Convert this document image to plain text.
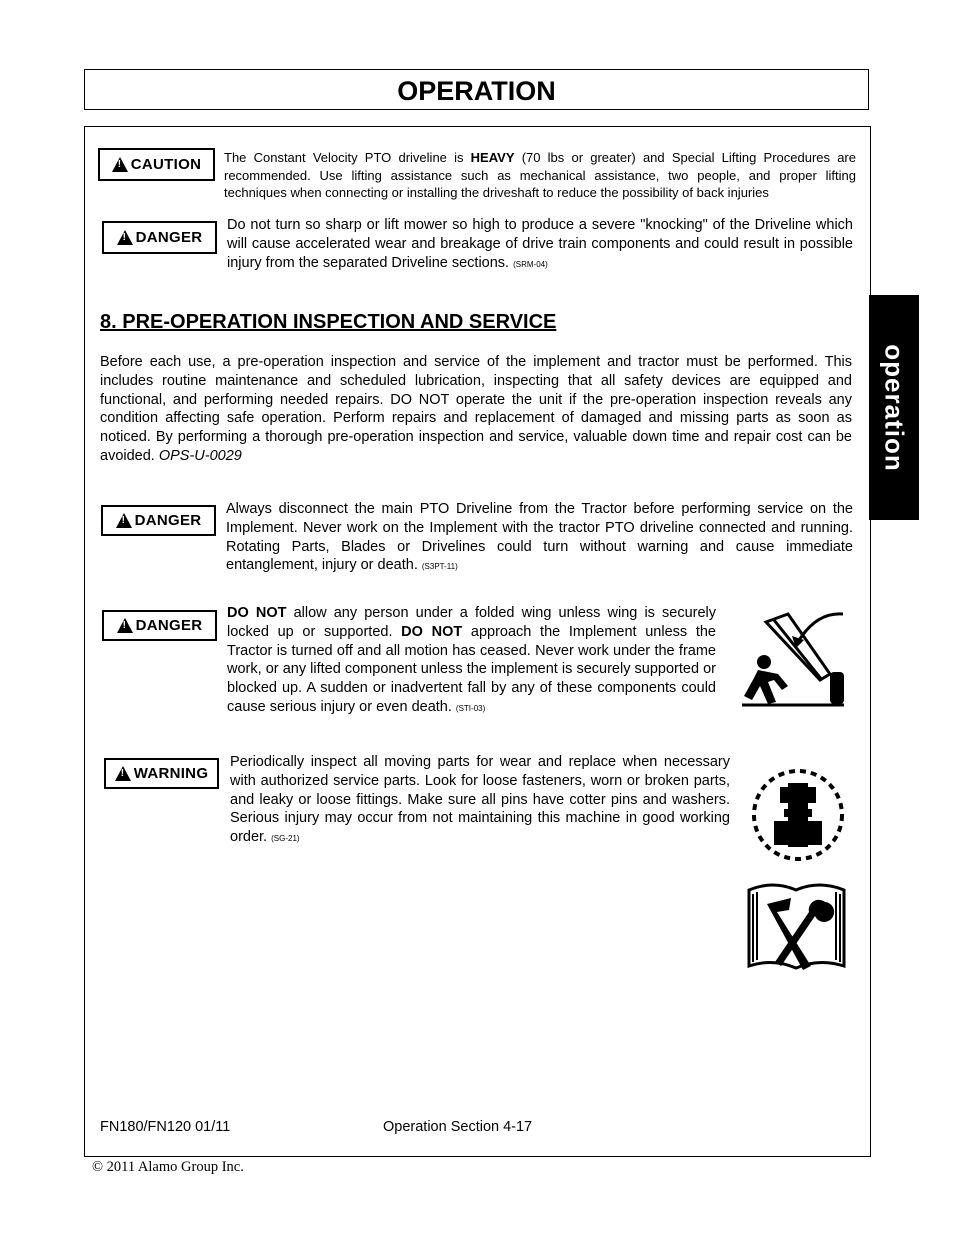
OPERATION
operation
!
CAUTION The Constant Velocity PTO driveline is HEAVY (70 lbs or greater) and Special Lifting Procedures are recommended. Use lifting assistance such as mechanical assistance, two people, and proper lifting techniques when connecting or installing the driveshaft to reduce the possibility of back injuries
!
DANGER
Do not turn so sharp or lift mower so high to produce a severe "knocking" of the Driveline which will cause accelerated wear and breakage of drive train components and could result in possible injury from the separated Driveline sections. (SRM-04)
8. PRE-OPERATION INSPECTION AND SERVICE
Before each use, a pre-operation inspection and service of the implement and tractor must be performed. This includes routine maintenance and scheduled lubrication, inspecting that all safety devices are equipped and functional, and performing needed repairs. DO NOT operate the unit if the pre-operation inspection reveals any condition affecting safe operation. Perform repairs and replacement of damaged and missing parts as soon as noticed. By performing a thorough pre-operation inspection and service, valuable down time and repair cost can be avoided. OPS-U-0029
!
DANGER
Always disconnect the main PTO Driveline from the Tractor before performing service on the Implement. Never work on the Implement with the tractor PTO driveline connected and running. Rotating Parts, Blades or Drivelines could turn without warning and cause immediate entanglement, injury or death. (S3PT-11)
!
DANGER
DO NOT allow any person under a folded wing unless wing is securely locked up or supported. DO NOT approach the Implement unless the Tractor is turned off and all motion has ceased. Never work under the frame work, or any lifted component unless the implement is securely supported or blocked up. A sudden or inadvertent fall by any of these components could cause serious injury or even death. (STI-03)
!
WARNING
Periodically inspect all moving parts for wear and replace when necessary with authorized service parts. Look for loose fasteners, worn or broken parts, and leaky or loose fittings. Make sure all pins have cotter pins and washers. Serious injury may occur from not maintaining this machine in good working order. (SG-21)
FN180/FN120 01/11	Operation Section 4-17
© 2011 Alamo Group Inc.
